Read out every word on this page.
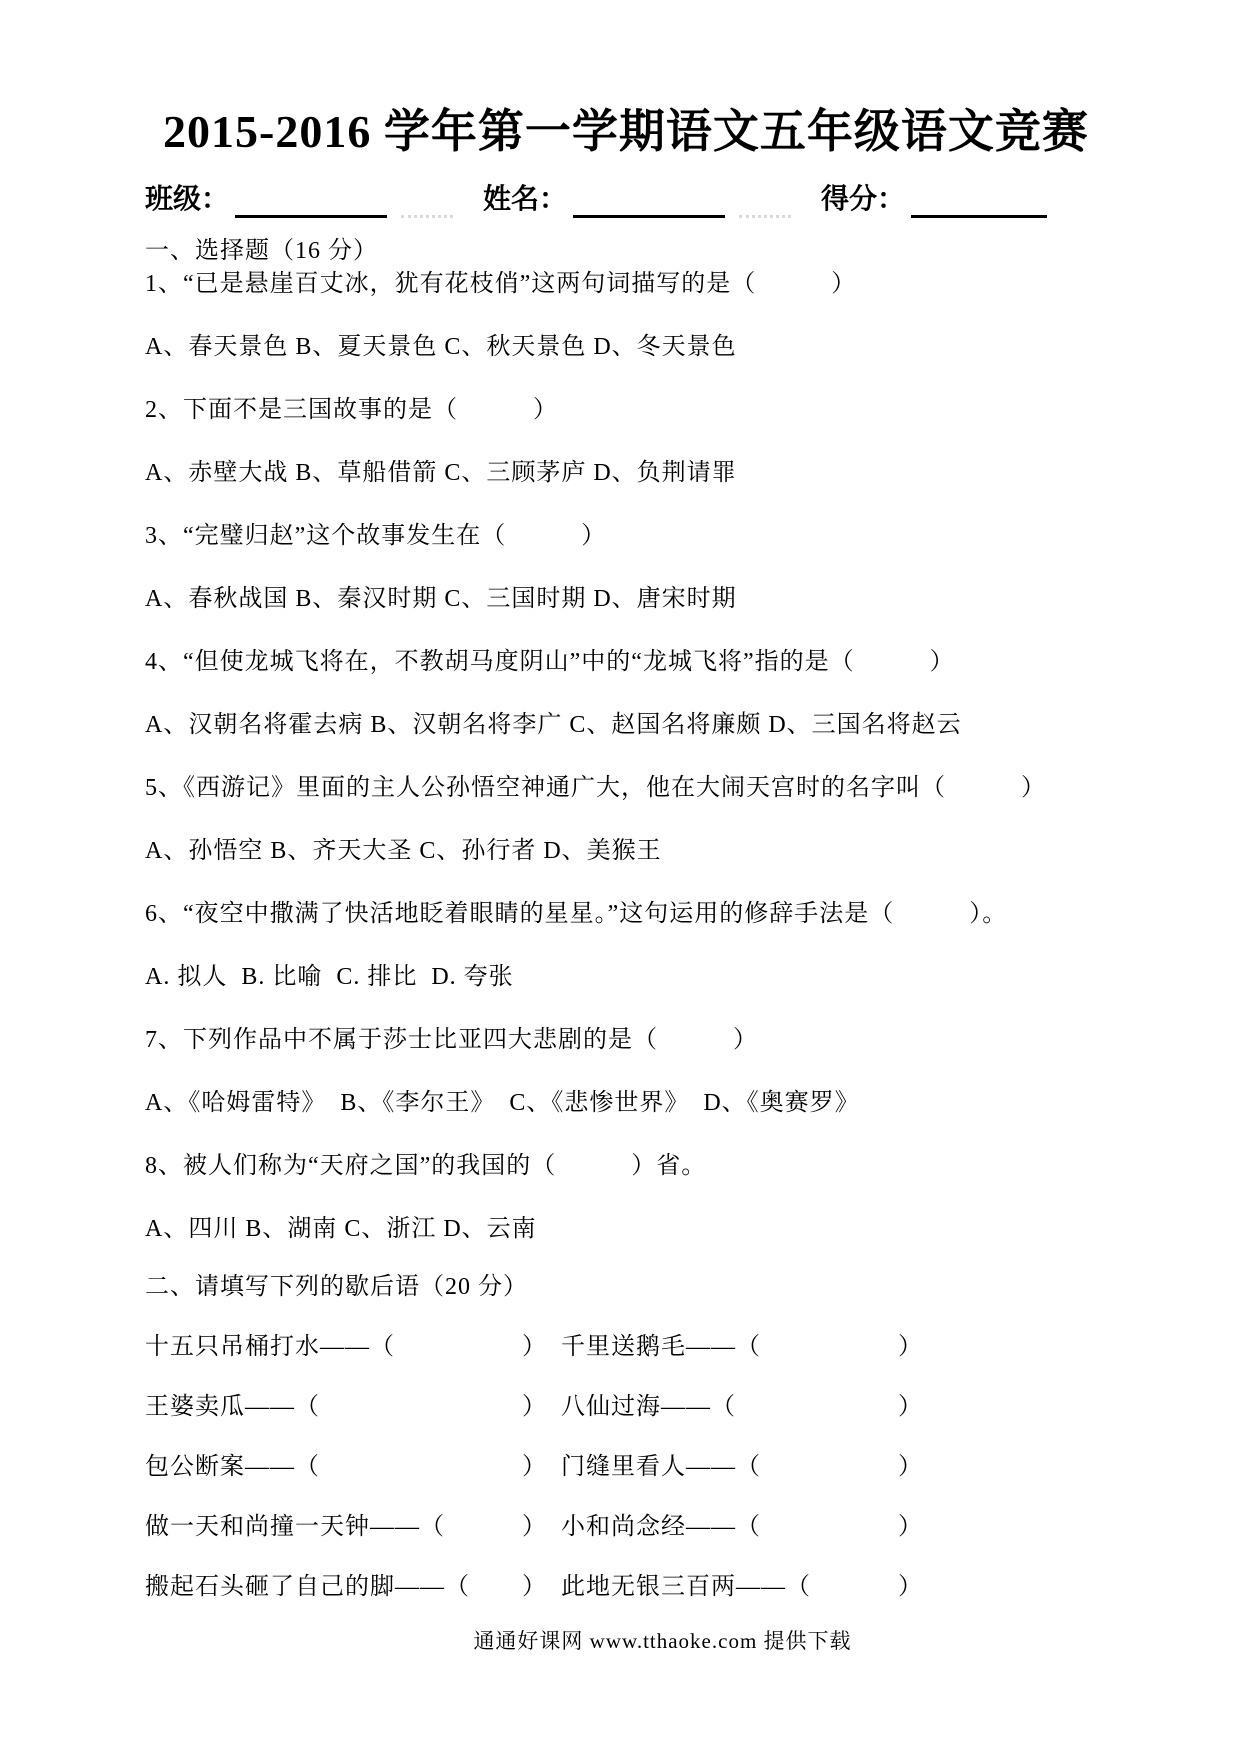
2015-2016 学年第一学期语文五年级语文竞赛
班级：	姓名：	得分：
一、选择题（16 分）

1、“已是悬崖百丈冰，犹有花枝俏”这两句词描写的是（　　　）

A、春天景色 B、夏天景色 C、秋天景色 D、冬天景色

2、下面不是三国故事的是（　　　）

A、赤壁大战 B、草船借箭 C、三顾茅庐 D、负荆请罪

3、“完璧归赵”这个故事发生在（　　　）

A、春秋战国 B、秦汉时期 C、三国时期 D、唐宋时期

4、“但使龙城飞将在，不教胡马度阴山”中的“龙城飞将”指的是（　　　）

A、汉朝名将霍去病 B、汉朝名将李广 C、赵国名将廉颇 D、三国名将赵云

5、《西游记》里面的主人公孙悟空神通广大，他在大闹天宫时的名字叫（　　　）

A、孙悟空 B、齐天大圣 C、孙行者 D、美猴王

6、“夜空中撒满了快活地眨着眼睛的星星。”这句运用的修辞手法是（　　　）。

A. 拟人  B. 比喻  C. 排比  D. 夸张

7、下列作品中不属于莎士比亚四大悲剧的是（　　　）

A、《哈姆雷特》  B、《李尔王》  C、《悲惨世界》  D、《奥赛罗》

8、被人们称为“天府之国”的我国的（　　　）省。

A、四川 B、湖南 C、浙江 D、云南

二、请填写下列的歇后语（20 分）
十五只吊桶打水——（	） 千里送鹅毛——（	）
王婆卖瓜——（	） 八仙过海——（	）
包公断案——（	） 门缝里看人——（	）
做一天和尚撞一天钟——（	） 小和尚念经——（	）
搬起石头砸了自己的脚——（ ） 此地无银三百两——（	）
通通好课网 www.tthaoke.com 提供下载
